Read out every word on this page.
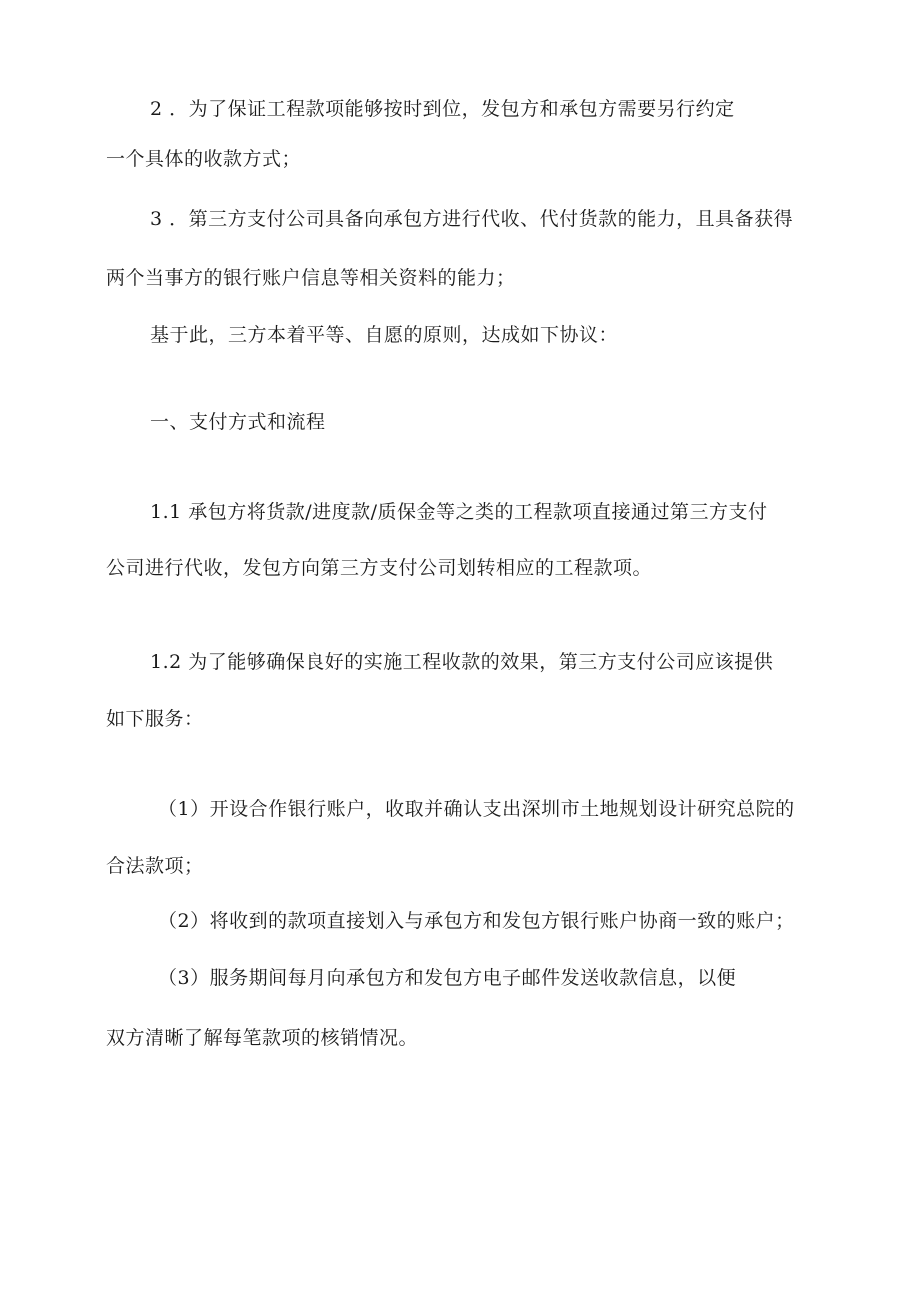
2 ．为了保证工程款项能够按时到位，发包方和承包方需要另行约定
一个具体的收款方式；
3 ．第三方支付公司具备向承包方进行代收、代付货款的能力，且具备获得
两个当事方的银行账户信息等相关资料的能力；
基于此，三方本着平等、自愿的原则，达成如下协议：
一、支付方式和流程
1.1 承包方将货款/进度款/质保金等之类的工程款项直接通过第三方支付
公司进行代收，发包方向第三方支付公司划转相应的工程款项。
1.2 为了能够确保良好的实施工程收款的效果，第三方支付公司应该提供
如下服务：
（1）开设合作银行账户，收取并确认支出深圳市土地规划设计研究总院的
合法款项；
（2）将收到的款项直接划入与承包方和发包方银行账户协商一致的账户；
（3）服务期间每月向承包方和发包方电子邮件发送收款信息，以便
双方清晰了解每笔款项的核销情况。
